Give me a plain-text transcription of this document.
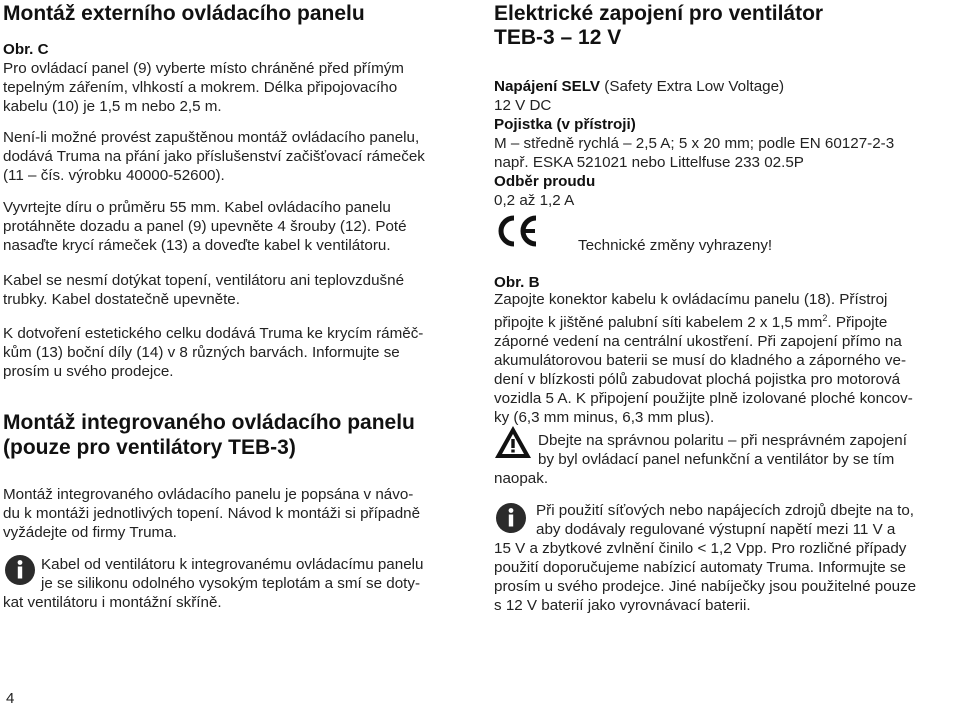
Montáž externího ovládacího panelu
Obr. C
Pro ovládací panel (9) vyberte místo chráněné před přímým
tepelným zářením, vlhkostí a mokrem. Délka připojovacího
kabelu (10) je 1,5 m nebo 2,5 m.
Není-li možné provést zapuštěnou montáž ovládacího panelu,
dodává Truma na přání jako příslušenství začišťovací rámeček
(11 – čís. výrobku 40000-52600).
Vyvrtejte díru o průměru 55 mm. Kabel ovládacího panelu
protáhněte dozadu a panel (9) upevněte 4 šrouby (12). Poté
nasaďte krycí rámeček (13) a doveďte kabel k ventilátoru.
Kabel se nesmí dotýkat topení, ventilátoru ani teplovzdušné
trubky. Kabel dostatečně upevněte.
K dotvoření estetického celku dodává Truma ke krycím ráměč-
kům (13) boční díly (14) v 8 různých barvách. Informujte se
prosím u svého prodejce.
Montáž integrovaného ovládacího panelu
(pouze pro ventilátory TEB-3)
Montáž integrovaného ovládacího panelu je popsána v návo-
du k montáži jednotlivých topení. Návod k montáži si případně
vyžádejte od firmy Truma.
Kabel od ventilátoru k integrovanému ovládacímu panelu
je se silikonu odolného vysokým teplotám a smí se doty-
kat ventilátoru i montážní skříně.
4
Elektrické zapojení pro ventilátor
TEB-3 – 12 V
Napájení SELV (Safety Extra Low Voltage)
12 V DC
Pojistka (v přístroji)
M – středně rychlá – 2,5 A; 5 x 20 mm; podle EN 60127-2-3
např. ESKA 521021 nebo Littelfuse 233 02.5P
Odběr proudu
0,2 až 1,2 A
Technické změny vyhrazeny!
Obr. B
Zapojte konektor kabelu k ovládacímu panelu (18). Přístroj
připojte k jištěné palubní síti kabelem 2 x 1,5 $mm^2$. Připojte
záporné vedení na centrální ukostření. Při zapojení přímo na
akumulátorovou baterii se musí do kladného a záporného ve-
dení v blízkosti pólů zabudovat plochá pojistka pro motorová
vozidla 5 A. K připojení použijte plně izolované ploché koncov-
ky (6,3 mm minus, 6,3 mm plus).
Dbejte na správnou polaritu – při nesprávném zapojení
by byl ovládací panel nefunkční a ventilátor by se tím
naopak.
Při použití síťových nebo napájecích zdrojů dbejte na to,
aby dodávaly regulované výstupní napětí mezi 11 V a
15 V a zbytkové zvlnění činilo < 1,2 Vpp. Pro rozličné případy
použití doporučujeme nabízicí automaty Truma. Informujte se
prosím u svého prodejce. Jiné nabíječky jsou použitelné pouze
s 12 V baterií jako vyrovnávací baterii.
